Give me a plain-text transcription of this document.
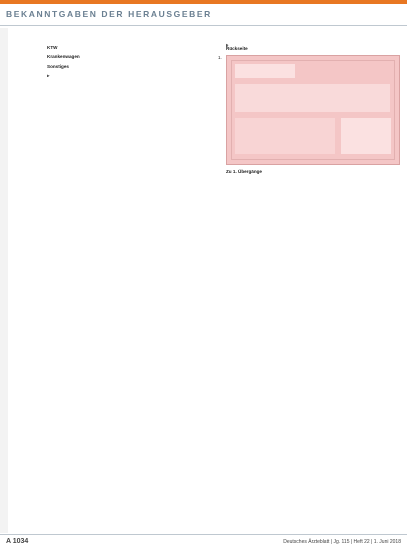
BEKANNTGABEN DER HERAUSGEBER

KTW

Krankenwagen

Sonstiges

Rückseite

1.

Zu 1. Übergänge

A 1034	Deutsches Ärzteblatt | Jg. 115 | Heft 22 | 1. Juni 2018
